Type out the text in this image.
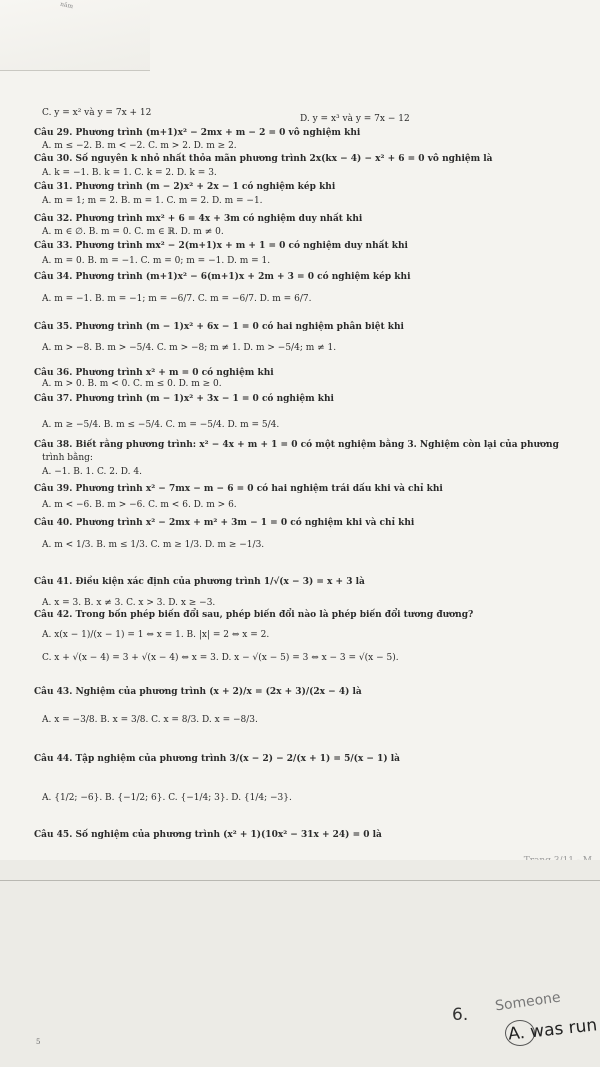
năm
C. y = x² và y = 7x + 12
D. y = x³ và y = 7x − 12
Câu 29. Phương trình (m+1)x² − 2mx + m − 2 = 0 vô nghiệm khi
A. m ≤ −2. B. m < −2. C. m > 2. D. m ≥ 2.
Câu 30. Số nguyên k nhỏ nhất thỏa mãn phương trình 2x(kx − 4) − x² + 6 = 0 vô nghiệm là
A. k = −1. B. k = 1. C. k = 2. D. k = 3.
Câu 31. Phương trình (m − 2)x² + 2x − 1 có nghiệm kép khi
A. m = 1; m = 2. B. m = 1. C. m = 2. D. m = −1.
Câu 32. Phương trình mx² + 6 = 4x + 3m có nghiệm duy nhất khi
A. m ∈ ∅. B. m = 0. C. m ∈ ℝ. D. m ≠ 0.
Câu 33. Phương trình mx² − 2(m+1)x + m + 1 = 0 có nghiệm duy nhất khi
A. m = 0. B. m = −1. C. m = 0; m = −1. D. m = 1.
Câu 34. Phương trình (m+1)x² − 6(m+1)x + 2m + 3 = 0 có nghiệm kép khi
A. m = −1. B. m = −1; m = −6/7. C. m = −6/7. D. m = 6/7.
Câu 35. Phương trình (m − 1)x² + 6x − 1 = 0 có hai nghiệm phân biệt khi
A. m > −8. B. m > −5/4. C. m > −8; m ≠ 1. D. m > −5/4; m ≠ 1.
Câu 36. Phương trình x² + m = 0 có nghiệm khi
A. m > 0. B. m < 0. C. m ≤ 0. D. m ≥ 0.
Câu 37. Phương trình (m − 1)x² + 3x − 1 = 0 có nghiệm khi
A. m ≥ −5/4. B. m ≤ −5/4. C. m = −5/4. D. m = 5/4.
Câu 38. Biết rằng phương trình: x² − 4x + m + 1 = 0 có một nghiệm bằng 3. Nghiệm còn lại của phương
trình bằng:
A. −1. B. 1. C. 2. D. 4.
Câu 39. Phương trình x² − 7mx − m − 6 = 0 có hai nghiệm trái dấu khi và chỉ khi
A. m < −6. B. m > −6. C. m < 6. D. m > 6.
Câu 40. Phương trình x² − 2mx + m² + 3m − 1 = 0 có nghiệm khi và chỉ khi
A. m < 1/3. B. m ≤ 1/3. C. m ≥ 1/3. D. m ≥ −1/3.
Câu 41. Điều kiện xác định của phương trình 1/√(x − 3) = x + 3 là
A. x = 3. B. x ≠ 3. C. x > 3. D. x ≥ −3.
Câu 42. Trong bốn phép biến đổi sau, phép biến đổi nào là phép biến đổi tương đương?
A. x(x − 1)/(x − 1) = 1 ⇔ x = 1. B. |x| = 2 ⇔ x = 2.
C. x + √(x − 4) = 3 + √(x − 4) ⇔ x = 3. D. x − √(x − 5) = 3 ⇔ x − 3 = √(x − 5).
Câu 43. Nghiệm của phương trình (x + 2)/x = (2x + 3)/(2x − 4) là
A. x = −3/8. B. x = 3/8. C. x = 8/3. D. x = −8/3.
Câu 44. Tập nghiệm của phương trình 3/(x − 2) − 2/(x + 1) = 5/(x − 1) là
A. {1/2; −6}. B. {−1/2; 6}. C. {−1/4; 3}. D. {1/4; −3}.
Câu 45. Số nghiệm của phương trình (x² + 1)(10x² − 31x + 24) = 0 là
6.
Someone
A. was run
5
